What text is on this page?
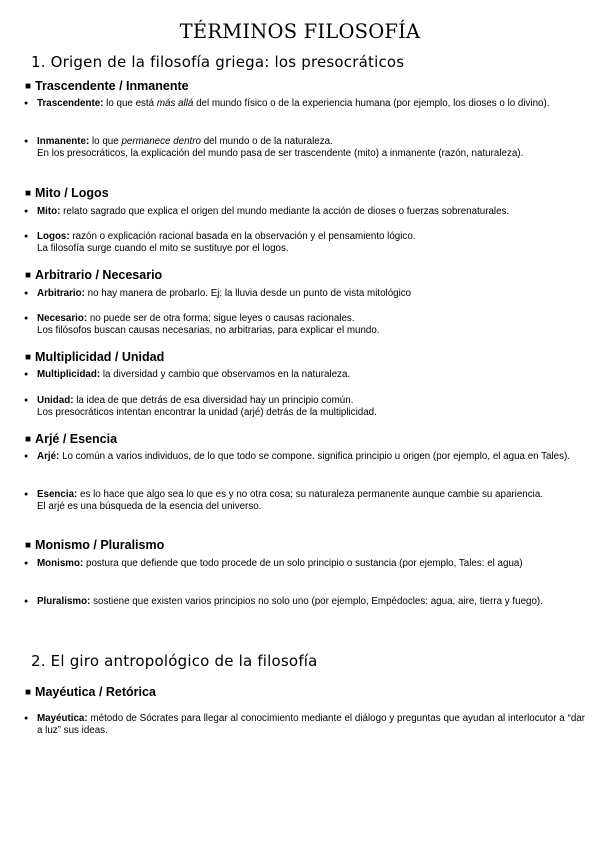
TÉRMINOS FILOSOFÍA
1. Origen de la filosofía griega: los presocráticos
■ Trascendente / Inmanente

● Trascendente: lo que está más allá del mundo físico o de la experiencia humana (por ejemplo, los dioses o lo divino).

● Inmanente: lo que permanece dentro del mundo o de la naturaleza.
En los presocráticos, la explicación del mundo pasa de ser trascendente (mito) a inmanente (razón, naturaleza).

■ Mito / Logos

● Mito: relato sagrado que explica el origen del mundo mediante la acción de dioses o fuerzas sobrenaturales.

● Logos: razón o explicación racional basada en la observación y el pensamiento lógico.
La filosofía surge cuando el mito se sustituye por el logos.

■ Arbitrario / Necesario

● Arbitrario: no hay manera de probarlo. Ej: la lluvia desde un punto de vista mitológico

● Necesario: no puede ser de otra forma; sigue leyes o causas racionales.
Los filósofos buscan causas necesarias, no arbitrarias, para explicar el mundo.

■ Multiplicidad / Unidad

● Multiplicidad: la diversidad y cambio que observamos en la naturaleza.

● Unidad: la idea de que detrás de esa diversidad hay un principio común.
Los presocráticos intentan encontrar la unidad (arjé) detrás de la multiplicidad.

■ Arjé / Esencia

● Arjé: Lo común a varios individuos, de lo que todo se compone. significa principio u origen (por ejemplo, el agua en Tales).

● Esencia: es lo hace que algo sea lo que es y no otra cosa; su naturaleza permanente aunque cambie su apariencia.
El arjé es una búsqueda de la esencia del universo.

■ Monismo / Pluralismo

● Monismo: postura que defiende que todo procede de un solo principio o sustancia (por ejemplo, Tales: el agua)

● Pluralismo: sostiene que existen varios principios no solo uno (por ejemplo, Empédocles: agua, aire, tierra y fuego).

2. El giro antropológico de la filosofía
■ Mayéutica / Retórica

● Mayéutica: método de Sócrates para llegar al conocimiento mediante el diálogo y preguntas que ayudan al interlocutor a “dar a luz” sus ideas.
